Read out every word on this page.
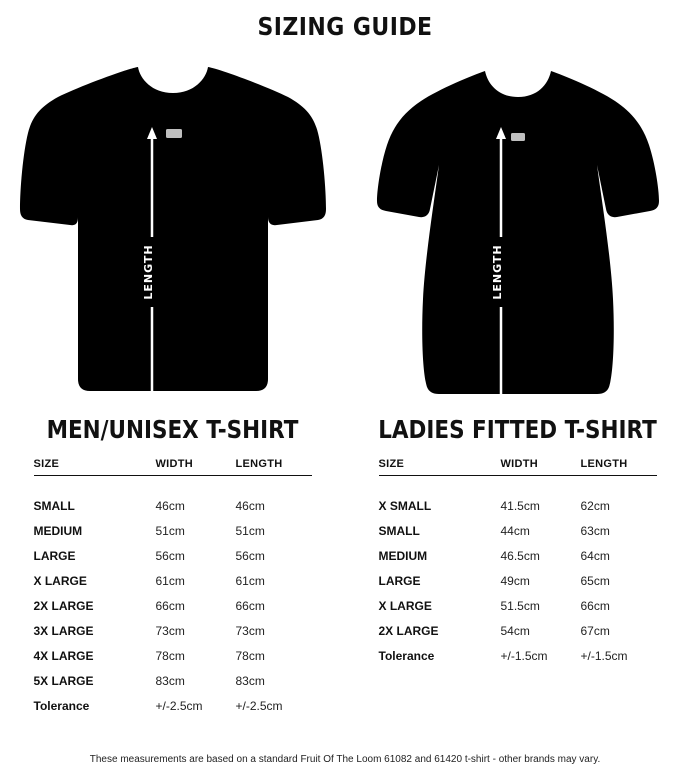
SIZING GUIDE
LENGTH
MEN/UNISEX T-SHIRT
SIZE	WIDTH	LENGTH

SMALL	46cm	46cm
MEDIUM	51cm	51cm
LARGE	56cm	56cm
X LARGE	61cm	61cm
2X LARGE	66cm	66cm
3X LARGE	73cm	73cm
4X LARGE	78cm	78cm
5X LARGE	83cm	83cm
Tolerance	+/-2.5cm	+/-2.5cm
LENGTH
LADIES FITTED T-SHIRT
SIZE	WIDTH	LENGTH

X SMALL	41.5cm	62cm
SMALL	44cm	63cm
MEDIUM	46.5cm	64cm
LARGE	49cm	65cm
X LARGE	51.5cm	66cm
2X LARGE	54cm	67cm
Tolerance	+/-1.5cm	+/-1.5cm
These measurements are based on a standard Fruit Of The Loom 61082 and 61420 t-shirt - other brands may vary.
